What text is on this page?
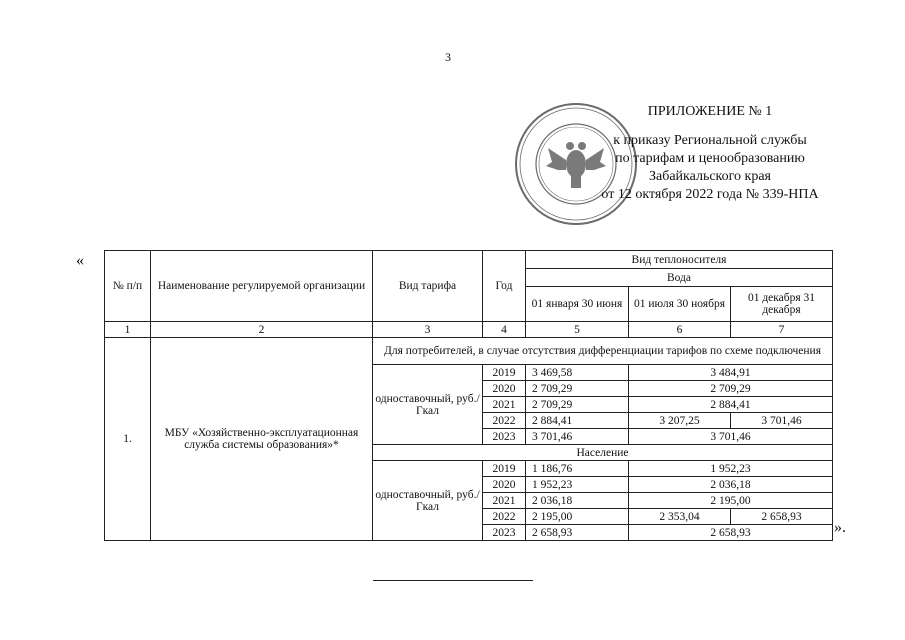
3
ПРИЛОЖЕНИЕ № 1
к приказу Региональной службы
по тарифам и ценообразованию
Забайкальского края
от 12 октября 2022 года № 339-НПА
«
№ п/п	Наименование регулируемой организации	Вид тарифа	Год	Вид теплоносителя		
				Вода		
				01 января 30 июня	01 июля 30 ноября	01 декабря 31 декабря
1	2	3	4	5	6	7
1.	МБУ «Хозяйственно-эксплуатационная служба системы образования»*	Для потребителей, в случае отсутствия дифференциации тарифов по схеме подключения				
		одноставочный, руб./Гкал	2019	3 469,58	3 484,91	
			2020	2 709,29	2 709,29	
			2021	2 709,29	2 884,41	
			2022	2 884,41	3 207,25	3 701,46
			2023	3 701,46	3 701,46	
		Население				
		одноставочный, руб./Гкал	2019	1 186,76	1 952,23	
			2020	1 952,23	2 036,18	
			2021	2 036,18	2 195,00	
			2022	2 195,00	2 353,04	2 658,93
			2023	2 658,93	2 658,93		».
